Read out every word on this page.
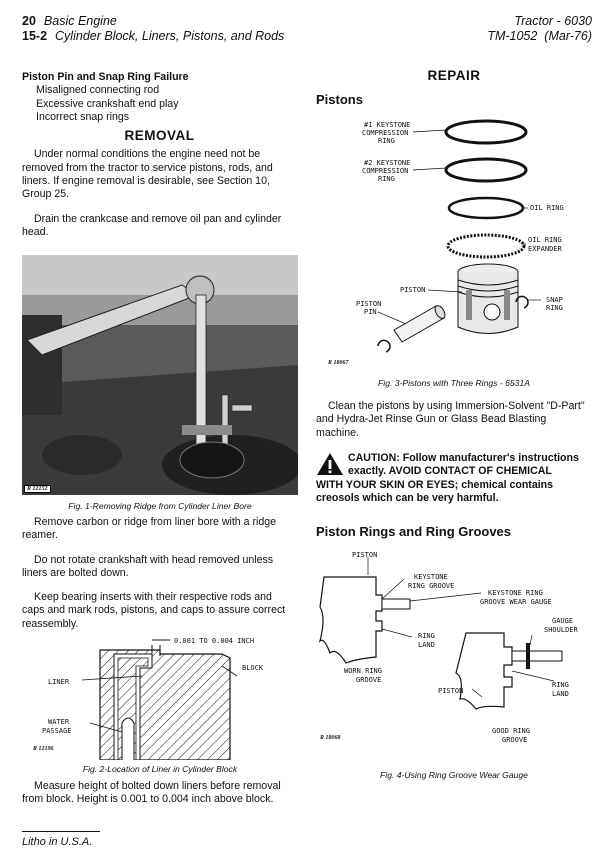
20 Basic Engine
15-2 Cylinder Block, Liners, Pistons, and Rods
Tractor - 6030
TM-1052 (Mar-76)
Piston Pin and Snap Ring Failure
Misaligned connecting rod
Excessive crankshaft end play
Incorrect snap rings
REMOVAL
Under normal conditions the engine need not be removed from the tractor to service pistons, rods, and liners. If engine removal is desirable, see Section 10, Group 25.
Drain the crankcase and remove oil pan and cylinder head.
R 12152
Fig. 1-Removing Ridge from Cylinder Liner Bore
Remove carbon or ridge from liner bore with a ridge reamer.
Do not rotate crankshaft with head removed unless liners are bolted down.
Keep bearing inserts with their respective rods and caps and mark rods, pistons, and caps to assure correct reassembly.
0.001 TO 0.004 INCH
BLOCK
LINER
WATER
PASSAGE
R 12196
Fig. 2-Location of Liner in Cylinder Block
Measure height of bolted down liners before removal from block. Height is 0.001 to 0.004 inch above block.
Litho in U.S.A.
REPAIR
Pistons
#1 KEYSTONE
COMPRESSION
RING
#2 KEYSTONE
COMPRESSION
RING
OIL RING
OIL RING
EXPANDER
PISTON
PISTON
PIN
SNAP
RING
R 18067
Fig. 3-Pistons with Three Rings - 6531A
Clean the pistons by using Immersion-Solvent "D-Part" and Hydra-Jet Rinse Gun or Glass Bead Blasting machine.
CAUTION: Follow manufacturer's instructions
exactly. AVOID CONTACT OF CHEMICAL
WITH YOUR SKIN OR EYES; chemical contains creosols which can be very harmful.
Piston Rings and Ring Grooves
PISTON
KEYSTONE
RING GROOVE
KEYSTONE RING
GROOVE WEAR GAUGE
GAUGE
SHOULDER
RING
LAND
WORN RING
GROOVE
PISTON
RING
LAND
GOOD RING
GROOVE
R 18068
Fig. 4-Using Ring Groove Wear Gauge
